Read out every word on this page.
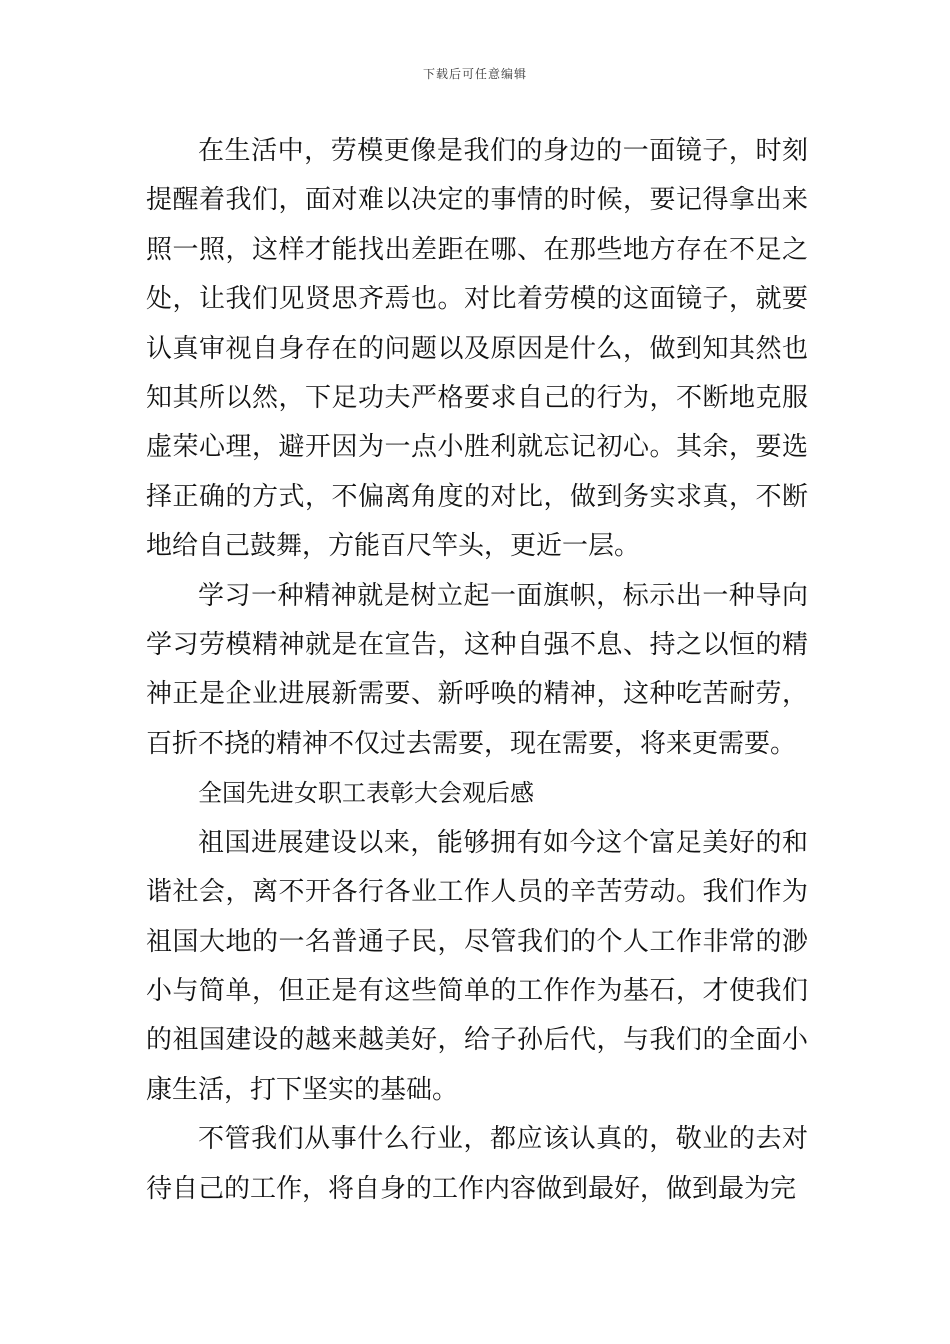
下载后可任意编辑

在生活中，劳模更像是我们的身边的一面镜子，时刻提醒着我们，面对难以决定的事情的时候，要记得拿出来照一照，这样才能找出差距在哪、在那些地方存在不足之处，让我们见贤思齐焉也。对比着劳模的这面镜子，就要认真审视自身存在的问题以及原因是什么，做到知其然也知其所以然，下足功夫严格要求自己的行为，不断地克服虚荣心理，避开因为一点小胜利就忘记初心。其余，要选择正确的方式，不偏离角度的对比，做到务实求真，不断地给自己鼓舞，方能百尺竿头，更近一层。

学习一种精神就是树立起一面旗帜，标示出一种导向学习劳模精神就是在宣告，这种自强不息、持之以恒的精神正是企业进展新需要、新呼唤的精神，这种吃苦耐劳，百折不挠的精神不仅过去需要，现在需要，将来更需要。

全国先进女职工表彰大会观后感

祖国进展建设以来，能够拥有如今这个富足美好的和谐社会，离不开各行各业工作人员的辛苦劳动。我们作为祖国大地的一名普通子民，尽管我们的个人工作非常的渺小与简单，但正是有这些简单的工作作为基石，才使我们的祖国建设的越来越美好，给子孙后代，与我们的全面小康生活，打下坚实的基础。

不管我们从事什么行业，都应该认真的，敬业的去对待自己的工作，将自身的工作内容做到最好，做到最为完
